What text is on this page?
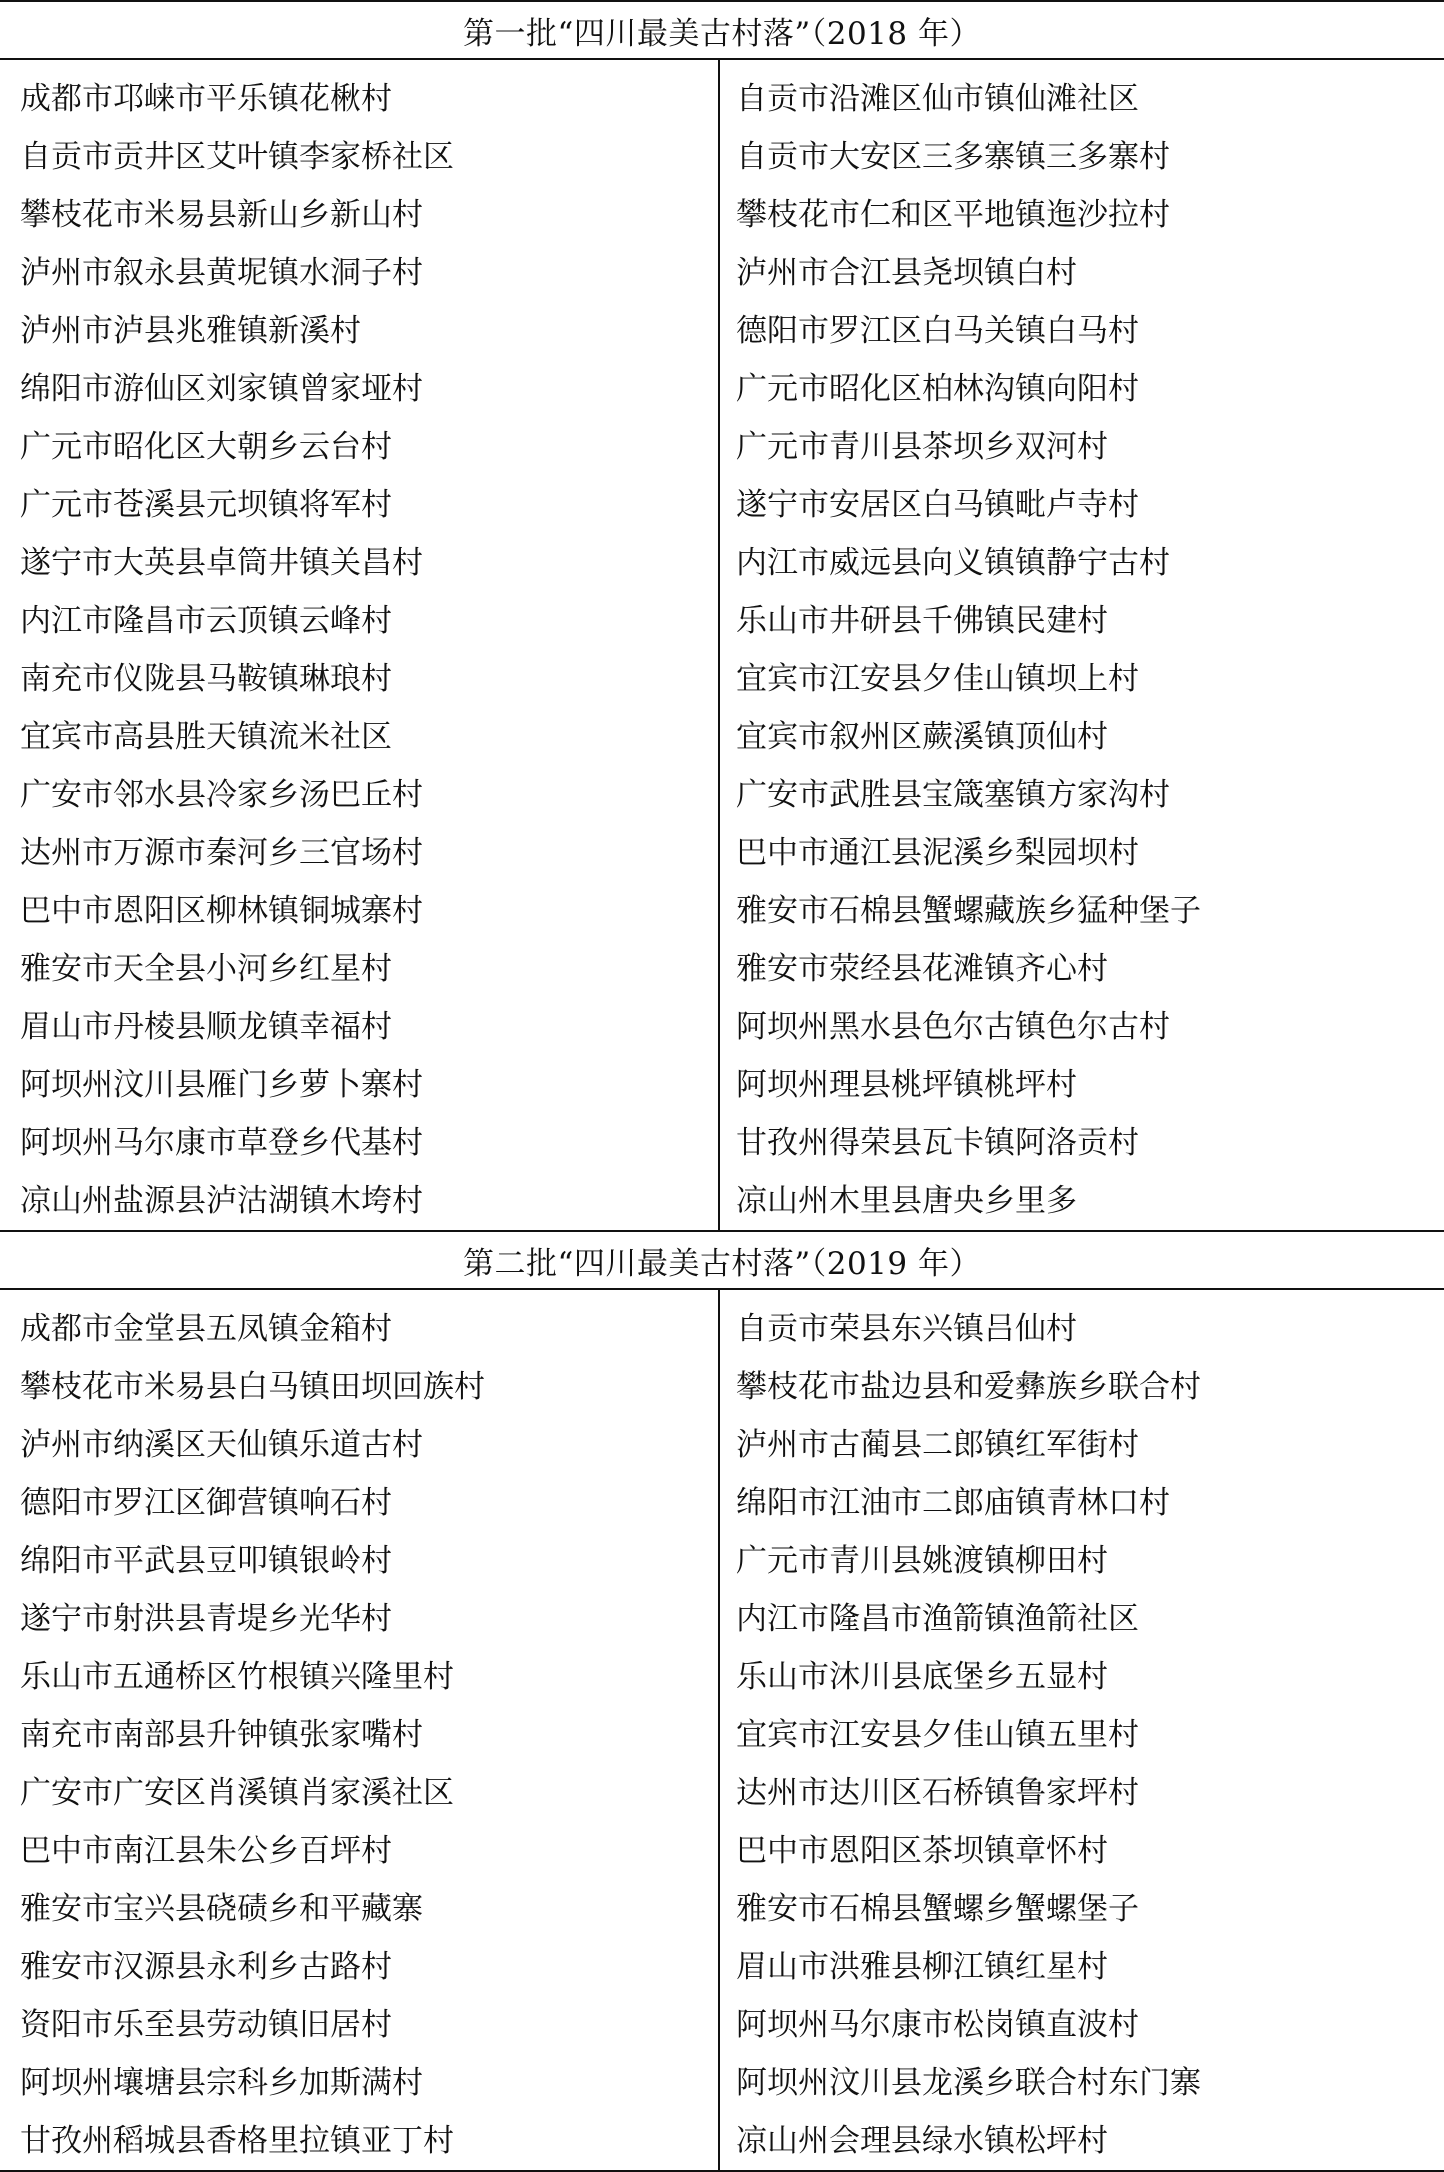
第一批“四川最美古村落”（2018 年）	
成都市邛崃市平乐镇花楸村	自贡市沿滩区仙市镇仙滩社区
自贡市贡井区艾叶镇李家桥社区	自贡市大安区三多寨镇三多寨村
攀枝花市米易县新山乡新山村	攀枝花市仁和区平地镇迤沙拉村
泸州市叙永县黄坭镇水洞子村	泸州市合江县尧坝镇白村
泸州市泸县兆雅镇新溪村	德阳市罗江区白马关镇白马村
绵阳市游仙区刘家镇曾家垭村	广元市昭化区柏林沟镇向阳村
广元市昭化区大朝乡云台村	广元市青川县茶坝乡双河村
广元市苍溪县元坝镇将军村	遂宁市安居区白马镇毗卢寺村
遂宁市大英县卓筒井镇关昌村	内江市威远县向义镇镇静宁古村
内江市隆昌市云顶镇云峰村	乐山市井研县千佛镇民建村
南充市仪陇县马鞍镇琳琅村	宜宾市江安县夕佳山镇坝上村
宜宾市高县胜天镇流米社区	宜宾市叙州区蕨溪镇顶仙村
广安市邻水县冷家乡汤巴丘村	广安市武胜县宝箴塞镇方家沟村
达州市万源市秦河乡三官场村	巴中市通江县泥溪乡梨园坝村
巴中市恩阳区柳林镇铜城寨村	雅安市石棉县蟹螺藏族乡猛种堡子
雅安市天全县小河乡红星村	雅安市荥经县花滩镇齐心村
眉山市丹棱县顺龙镇幸福村	阿坝州黑水县色尔古镇色尔古村
阿坝州汶川县雁门乡萝卜寨村	阿坝州理县桃坪镇桃坪村
阿坝州马尔康市草登乡代基村	甘孜州得荣县瓦卡镇阿洛贡村
凉山州盐源县泸沽湖镇木垮村	凉山州木里县唐央乡里多
第二批“四川最美古村落”（2019 年）	
成都市金堂县五凤镇金箱村	自贡市荣县东兴镇吕仙村
攀枝花市米易县白马镇田坝回族村	攀枝花市盐边县和爱彝族乡联合村
泸州市纳溪区天仙镇乐道古村	泸州市古蔺县二郎镇红军街村
德阳市罗江区御营镇响石村	绵阳市江油市二郎庙镇青林口村
绵阳市平武县豆叩镇银岭村	广元市青川县姚渡镇柳田村
遂宁市射洪县青堤乡光华村	内江市隆昌市渔箭镇渔箭社区
乐山市五通桥区竹根镇兴隆里村	乐山市沐川县底堡乡五显村
南充市南部县升钟镇张家嘴村	宜宾市江安县夕佳山镇五里村
广安市广安区肖溪镇肖家溪社区	达州市达川区石桥镇鲁家坪村
巴中市南江县朱公乡百坪村	巴中市恩阳区茶坝镇章怀村
雅安市宝兴县硗碛乡和平藏寨	雅安市石棉县蟹螺乡蟹螺堡子
雅安市汉源县永利乡古路村	眉山市洪雅县柳江镇红星村
资阳市乐至县劳动镇旧居村	阿坝州马尔康市松岗镇直波村
阿坝州壤塘县宗科乡加斯满村	阿坝州汶川县龙溪乡联合村东门寨
甘孜州稻城县香格里拉镇亚丁村	凉山州会理县绿水镇松坪村
